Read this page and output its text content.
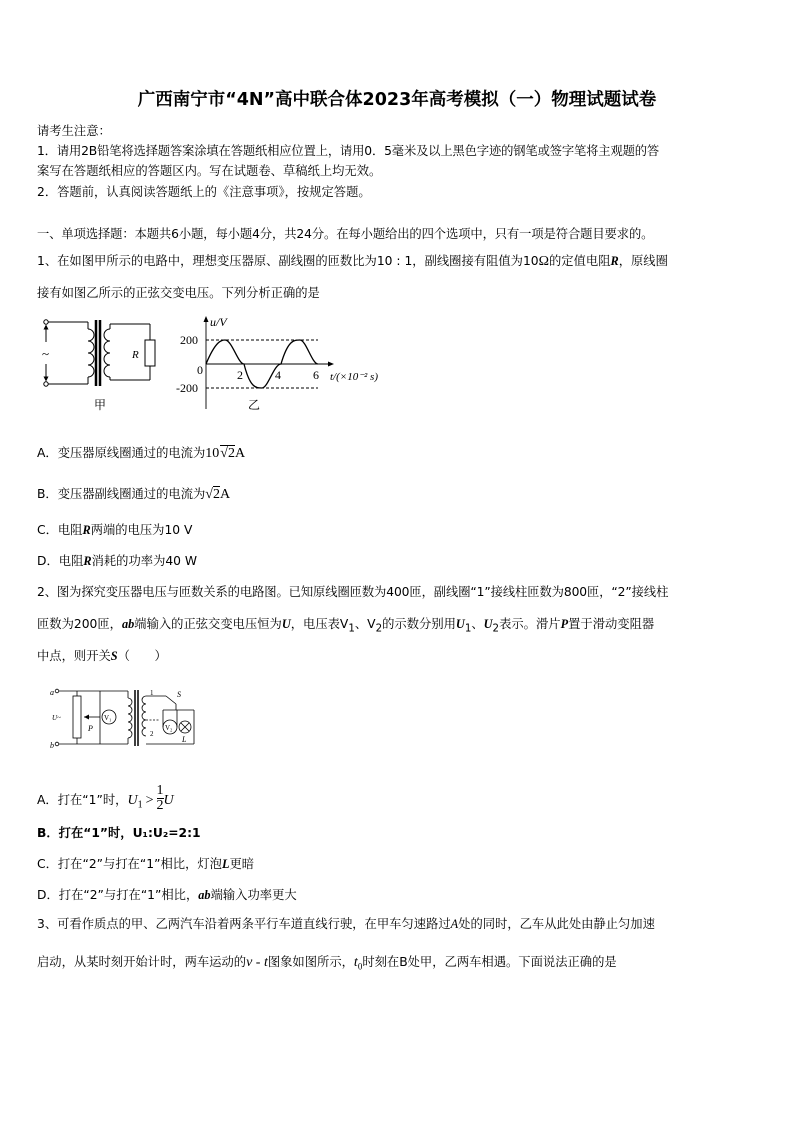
广西南宁市“4N”高中联合体2023年高考模拟（一）物理试题试卷
请考生注意：
1．请用2B铅笔将选择题答案涂填在答题纸相应位置上，请用0．5毫米及以上黑色字迹的钢笔或签字笔将主观题的答
案写在答题纸相应的答题区内。写在试题卷、草稿纸上均无效。
2．答题前，认真阅读答题纸上的《注意事项》，按规定答题。
一、单项选择题：本题共6小题，每小题4分，共24分。在每小题给出的四个选项中，只有一项是符合题目要求的。
1、在如图甲所示的电路中，理想变压器原、副线圈的匝数比为10 : 1，副线圈接有阻值为10Ω的定值电阻R，原线圈
接有如图乙所示的正弦交变电压。下列分析正确的是
~	R
甲
u/V
200
-200
0	2	4	6 t/(×10⁻² s)
乙
A．变压器原线圈通过的电流为10√2A
B．变压器副线圈通过的电流为√2A
C．电阻R两端的电压为10 V
D．电阻R消耗的功率为40 W
2、图为探究变压器电压与匝数关系的电路图。已知原线圈匝数为400匝，副线圈“1”接线柱匝数为800匝，“2”接线柱
匝数为200匝，ab端输入的正弦交变电压恒为U，电压表$V_1$、$V_2$的示数分别用$U_1$、$U_2$表示。滑片P置于滑动变阻器
中点，则开关S（　　）
a
b
U~
P
V₁
V₂
1
2
S
L
A．打在“1”时，$U_1 > \frac{1}{2}$ U
B．打在“1”时，U₁:U₂=2:1
C．打在“2”与打在“1”相比，灯泡L更暗
D．打在“2”与打在“1”相比，ab端输入功率更大
3、可看作质点的甲、乙两汽车沿着两条平行车道直线行驶，在甲车匀速路过A处的同时，乙车从此处由静止匀加速
启动，从某时刻开始计时，两车运动的v - t图象如图所示，$t_0$时刻在B处甲，乙两车相遇。下面说法正确的是
